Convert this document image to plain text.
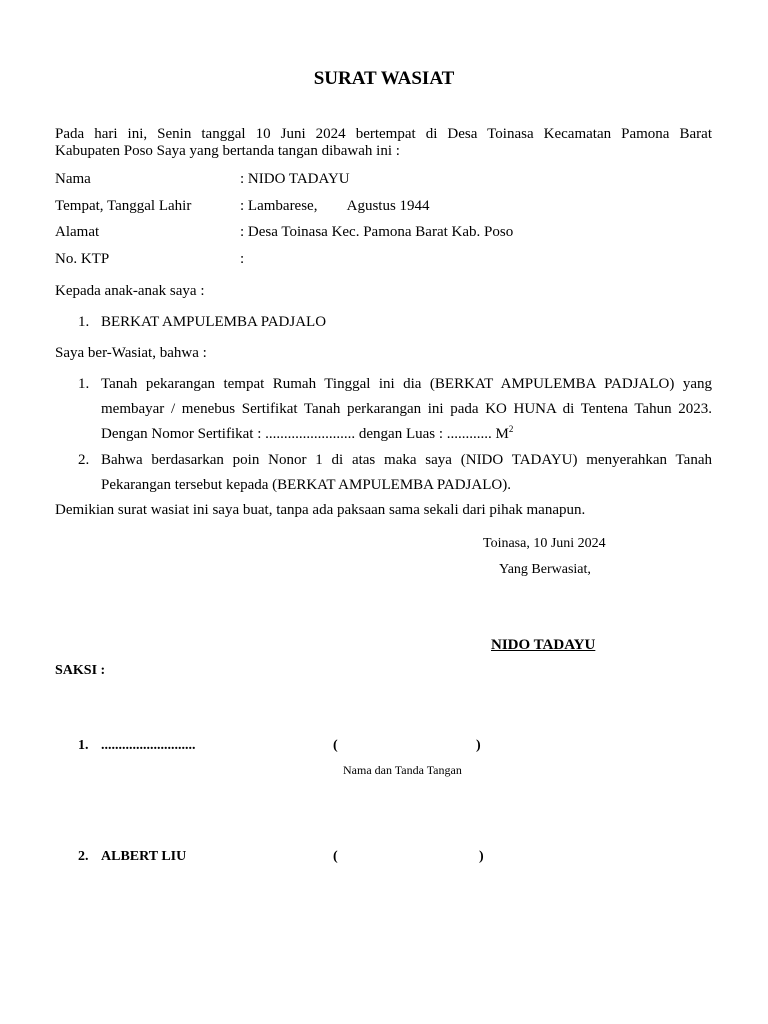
SURAT WASIAT
Pada hari ini, Senin tanggal 10 Juni 2024 bertempat di Desa Toinasa Kecamatan Pamona Barat
Kabupaten Poso Saya yang bertanda tangan dibawah ini :
Nama	: NIDO TADAYU
Tempat, Tanggal Lahir	: Lambarese,        Agustus 1944
Alamat	: Desa Toinasa Kec. Pamona Barat Kab. Poso
No. KTP	:
Kepada anak-anak saya :
1. BERKAT AMPULEMBA PADJALO
Saya ber-Wasiat, bahwa :
1. Tanah pekarangan tempat Rumah Tinggal ini dia (BERKAT AMPULEMBA PADJALO) yang
membayar / menebus Sertifikat Tanah perkarangan ini pada KO HUNA di Tentena Tahun 2023.
Dengan Nomor Sertifikat : ........................ dengan Luas : ............ $M^2$
2. Bahwa berdasarkan poin Nonor 1 di atas maka saya (NIDO TADAYU) menyerahkan Tanah
Pekarangan tersebut kepada (BERKAT AMPULEMBA PADJALO).
Demikian surat wasiat ini saya buat, tanpa ada paksaan sama sekali dari pihak manapun.
Toinasa, 10 Juni 2024
Yang Berwasiat,
NIDO TADAYU
SAKSI :
1. ...........................	(	)
Nama dan Tanda Tangan
2. ALBERT LIU	(	)
